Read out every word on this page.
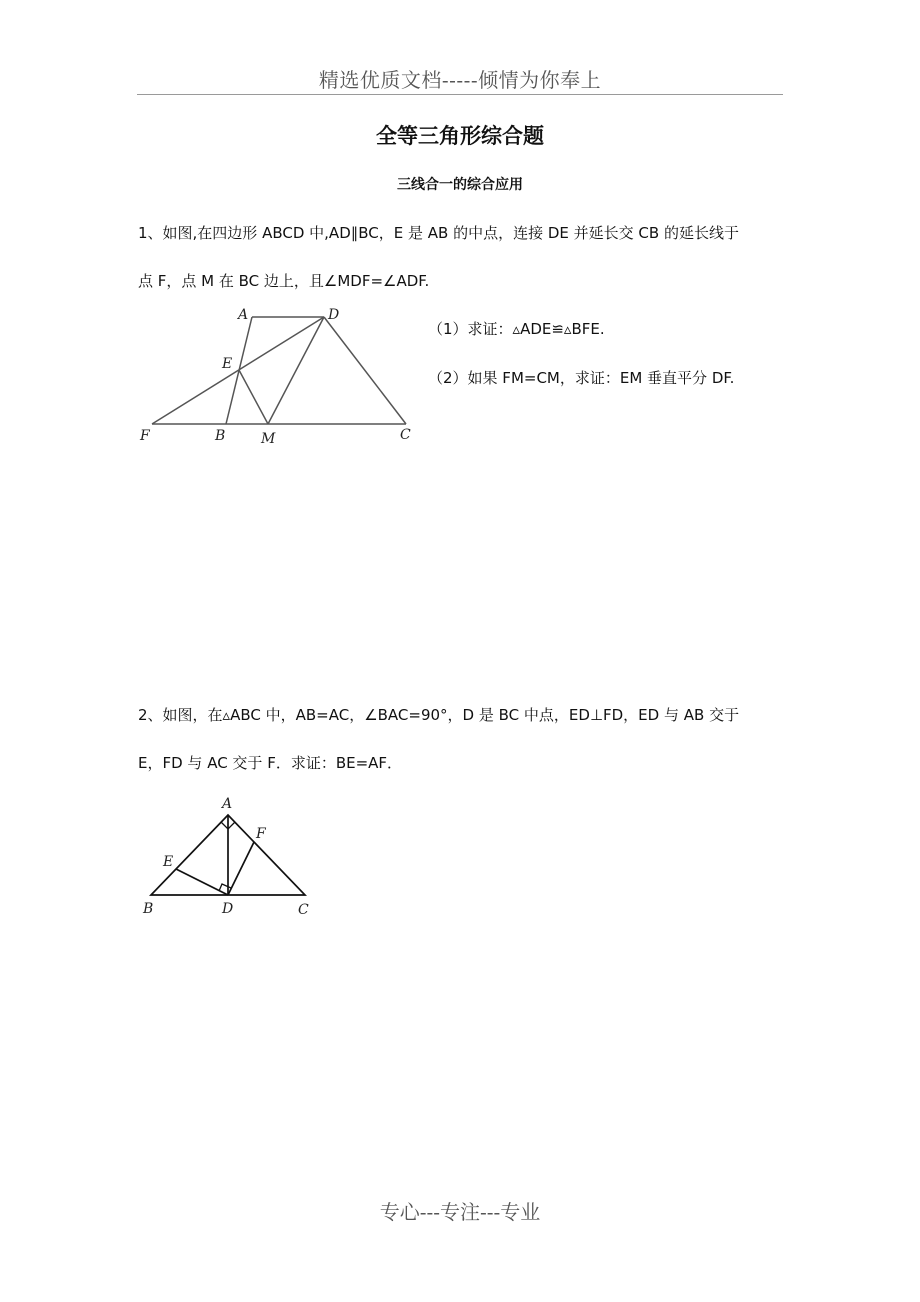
精选优质文档-----倾情为你奉上
全等三角形综合题
三线合一的综合应用
1、如图,在四边形 ABCD 中,AD∥BC，E 是 AB 的中点，连接 DE 并延长交 CB 的延长线于
点 F，点 M 在 BC 边上，且∠MDF=∠ADF.
A	D
E
F	B	M	C
（1）求证：▵ADE≌▵BFE.
（2）如果 FM=CM，求证：EM 垂直平分 DF.
2、如图，在▵ABC 中，AB=AC，∠BAC=90°，D 是 BC 中点，ED⊥FD，ED 与 AB 交于
E，FD 与 AC 交于 F．求证：BE=AF．
A
F
E
B	D	C
专心---专注---专业
